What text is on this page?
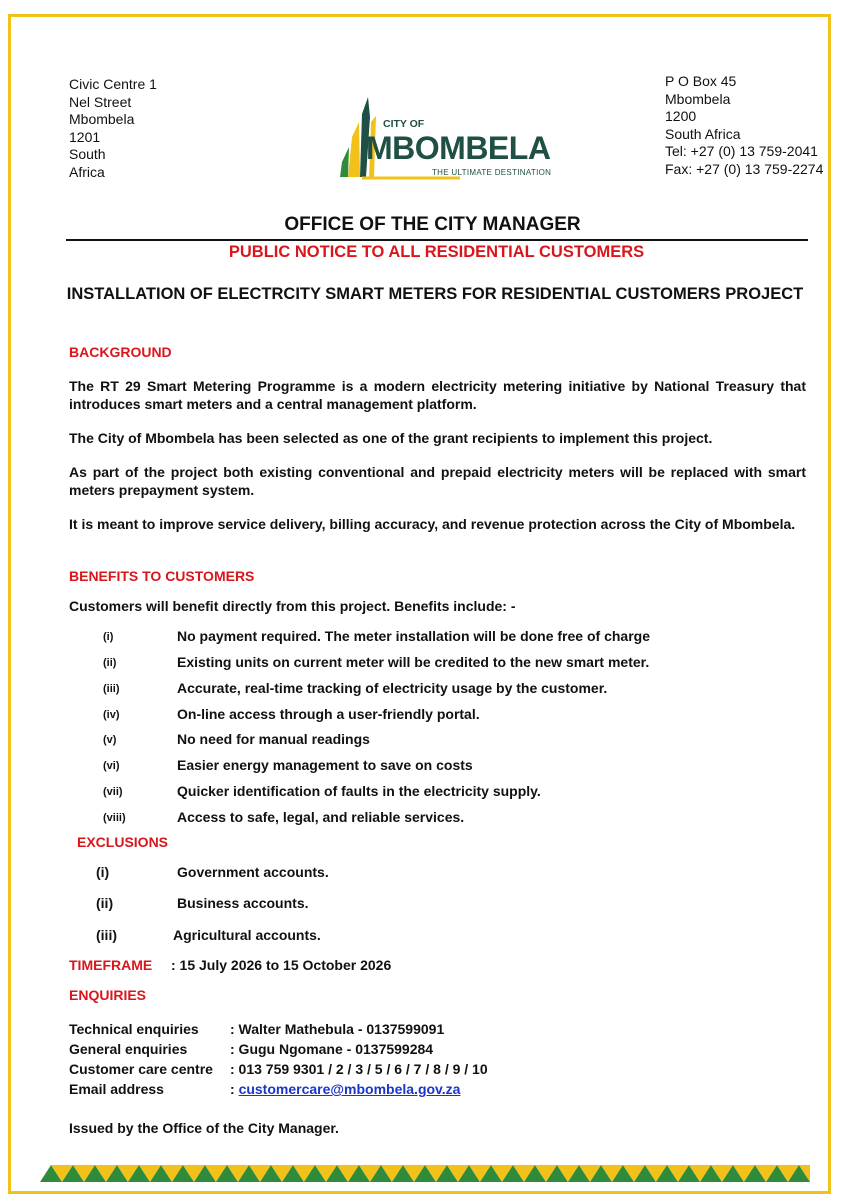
Civic Centre 1
Nel Street
Mbombela
1201
South
Africa
P O Box 45
Mbombela
1200
South Africa
Tel: +27 (0) 13 759-2041
Fax: +27 (0) 13 759-2274
CITY OF
MBOMBELA
THE ULTIMATE DESTINATION
OFFICE OF THE CITY MANAGER
PUBLIC NOTICE TO ALL RESIDENTIAL CUSTOMERS
INSTALLATION OF ELECTRCITY SMART METERS FOR RESIDENTIAL CUSTOMERS PROJECT
BACKGROUND
The RT 29 Smart Metering Programme is a modern electricity metering initiative by National Treasury that introduces smart meters and a central management platform.
The City of Mbombela has been selected as one of the grant recipients to implement this project.
As part of the project both existing conventional and prepaid electricity meters will be replaced with smart meters prepayment system.
It is meant to improve service delivery, billing accuracy, and revenue protection across the City of Mbombela.
BENEFITS TO CUSTOMERS
Customers will benefit directly from this project. Benefits include: -
(i)	No payment required. The meter installation will be done free of charge
(ii)	Existing units on current meter will be credited to the new smart meter.
(iii)	Accurate, real-time tracking of electricity usage by the customer.
(iv)	On-line access through a user-friendly portal.
(v)	No need for manual readings
(vi)	Easier energy management to save on costs
(vii)	Quicker identification of faults in the electricity supply.
(viii)	Access to safe, legal, and reliable services.
EXCLUSIONS
(i)	Government accounts.
(ii)	Business accounts.
(iii)	Agricultural accounts.
TIMEFRAME : 15 July 2026 to 15 October 2026
ENQUIRIES
Technical enquiries : Walter Mathebula - 0137599091
General enquiries	: Gugu Ngomane - 0137599284
Customer care centre : 013 759 9301 / 2 / 3 / 5 / 6 / 7 / 8 / 9 / 10
Email address	: customercare@mbombela.gov.za
Issued by the Office of the City Manager.
